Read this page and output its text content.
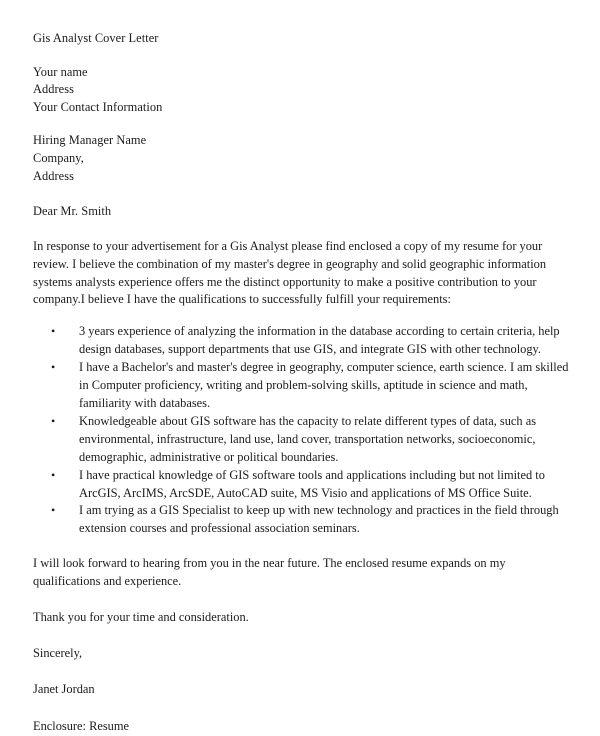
Gis Analyst Cover Letter
Your name
Address
Your Contact Information
Hiring Manager Name
Company,
Address
Dear Mr. Smith
In response to your advertisement for a Gis Analyst please find enclosed a copy of my resume for your review. I believe the combination of my master's degree in geography and solid geographic information systems analysts experience offers me the distinct opportunity to make a positive contribution to your company.I believe I have the qualifications to successfully fulfill your requirements:
• 3 years experience of analyzing the information in the database according to certain criteria, help design databases, support departments that use GIS, and integrate GIS with other technology.
• I have a Bachelor's and master's degree in geography, computer science, earth science. I am skilled in Computer proficiency, writing and problem-solving skills, aptitude in science and math, familiarity with databases.
• Knowledgeable about GIS software has the capacity to relate different types of data, such as environmental, infrastructure, land use, land cover, transportation networks, socioeconomic, demographic, administrative or political boundaries.
• I have practical knowledge of GIS software tools and applications including but not limited to ArcGIS, ArcIMS, ArcSDE, AutoCAD suite, MS Visio and applications of MS Office Suite.
• I am trying as a GIS Specialist to keep up with new technology and practices in the field through extension courses and professional association seminars.
I will look forward to hearing from you in the near future. The enclosed resume expands on my qualifications and experience.
Thank you for your time and consideration.
Sincerely,
Janet Jordan
Enclosure: Resume
